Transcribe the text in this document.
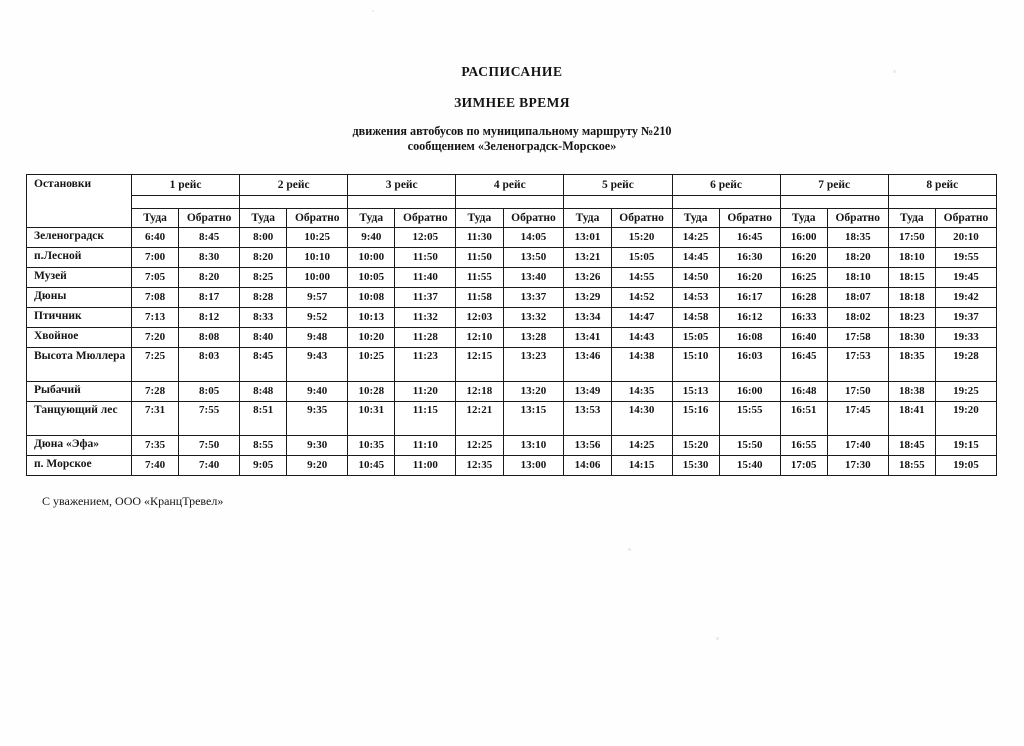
РАСПИСАНИЕ
ЗИМНЕЕ ВРЕМЯ
движения автобусов по муниципальному маршруту №210
сообщением «Зеленоградск-Морское»
Остановки	1 рейс		2 рейс		3 рейс		4 рейс		5 рейс		6 рейс		7 рейс		8 рейс	

	Туда	Обратно	Туда	Обратно	Туда	Обратно	Туда	Обратно	Туда	Обратно	Туда	Обратно	Туда	Обратно	Туда	Обратно
Зеленоградск	6:40	8:45	8:00	10:25	9:40	12:05	11:30	14:05	13:01	15:20	14:25	16:45	16:00	18:35	17:50	20:10
п.Лесной	7:00	8:30	8:20	10:10	10:00	11:50	11:50	13:50	13:21	15:05	14:45	16:30	16:20	18:20	18:10	19:55
Музей	7:05	8:20	8:25	10:00	10:05	11:40	11:55	13:40	13:26	14:55	14:50	16:20	16:25	18:10	18:15	19:45
Дюны	7:08	8:17	8:28	9:57	10:08	11:37	11:58	13:37	13:29	14:52	14:53	16:17	16:28	18:07	18:18	19:42
Птичник	7:13	8:12	8:33	9:52	10:13	11:32	12:03	13:32	13:34	14:47	14:58	16:12	16:33	18:02	18:23	19:37
Хвойное	7:20	8:08	8:40	9:48	10:20	11:28	12:10	13:28	13:41	14:43	15:05	16:08	16:40	17:58	18:30	19:33
Высота Мюллера	7:25	8:03	8:45	9:43	10:25	11:23	12:15	13:23	13:46	14:38	15:10	16:03	16:45	17:53	18:35	19:28
Рыбачий	7:28	8:05	8:48	9:40	10:28	11:20	12:18	13:20	13:49	14:35	15:13	16:00	16:48	17:50	18:38	19:25
Танцующий лес	7:31	7:55	8:51	9:35	10:31	11:15	12:21	13:15	13:53	14:30	15:16	15:55	16:51	17:45	18:41	19:20
Дюна «Эфа»	7:35	7:50	8:55	9:30	10:35	11:10	12:25	13:10	13:56	14:25	15:20	15:50	16:55	17:40	18:45	19:15
п. Морское	7:40	7:40	9:05	9:20	10:45	11:00	12:35	13:00	14:06	14:15	15:30	15:40	17:05	17:30	18:55	19:05
С уважением, ООО «КранцТревел»
